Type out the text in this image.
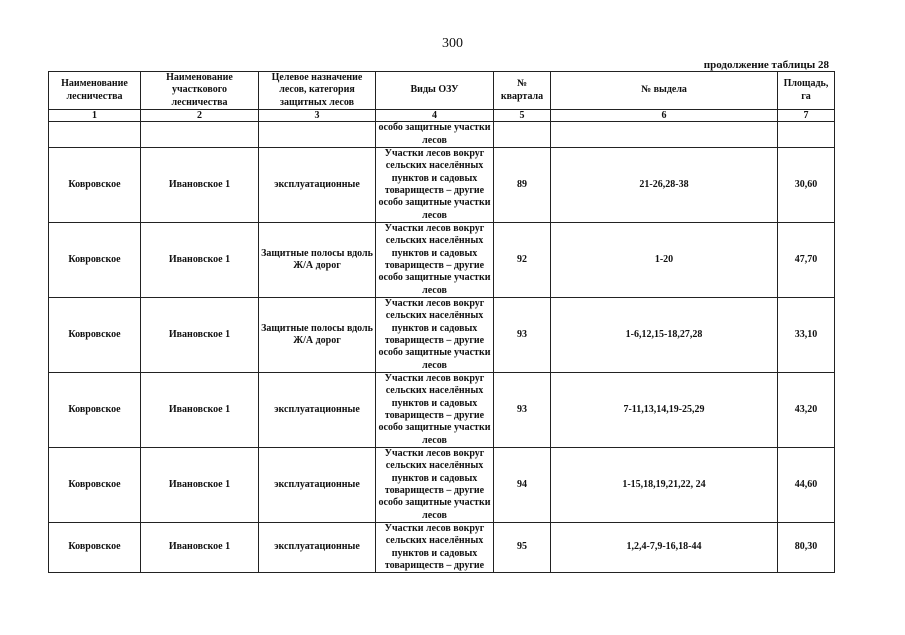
300
продолжение таблицы 28
Наименование лесничества	Наименование участкового лесничества	Целевое назначение лесов, категория защитных лесов	Виды ОЗУ	№ квартала	№ выдела	Площадь, га
1	2	3	4	5	6	7
			особо защитные участки лесов			
Ковровское	Ивановское 1	эксплуатационные	Участки лесов вокруг сельских населённых пунктов и садовых товариществ – другие особо защитные участки лесов	89	21-26,28-38	30,60
Ковровское	Ивановское 1	Защитные полосы вдоль Ж/А дорог	Участки лесов вокруг сельских населённых пунктов и садовых товариществ – другие особо защитные участки лесов	92	1-20	47,70
Ковровское	Ивановское 1	Защитные полосы вдоль Ж/А дорог	Участки лесов вокруг сельских населённых пунктов и садовых товариществ – другие особо защитные участки лесов	93	1-6,12,15-18,27,28	33,10
Ковровское	Ивановское 1	эксплуатационные	Участки лесов вокруг сельских населённых пунктов и садовых товариществ – другие особо защитные участки лесов	93	7-11,13,14,19-25,29	43,20
Ковровское	Ивановское 1	эксплуатационные	Участки лесов вокруг сельских населённых пунктов и садовых товариществ – другие особо защитные участки лесов	94	1-15,18,19,21,22, 24	44,60
Ковровское	Ивановское 1	эксплуатационные	Участки лесов вокруг сельских населённых пунктов и садовых товариществ – другие	95	1,2,4-7,9-16,18-44	80,30
